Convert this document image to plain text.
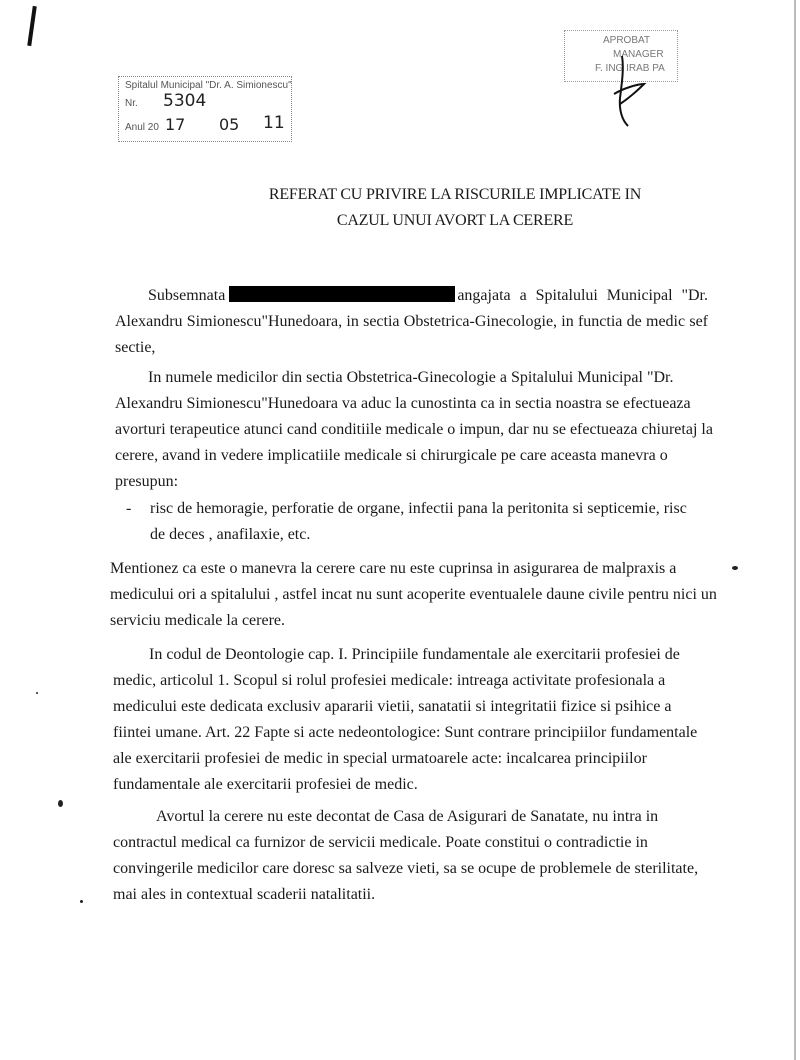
Spitalul Municipal "Dr. A. Simionescu"
Nr. 5304
Anul 20 17 05 11
APROBAT
MANAGER
F. ING IRAB PA
REFERAT CU PRIVIRE LA RISCURILE IMPLICATE IN
CAZUL UNUI AVORT LA CERERE

Subsemnata	angajata a Spitalului Municipal "Dr. Alexandru Simionescu"Hunedoara, in sectia Obstetrica-Ginecologie, in functia de medic sef sectie,

In numele medicilor din sectia Obstetrica-Ginecologie a Spitalului Municipal "Dr. Alexandru Simionescu"Hunedoara va aduc la cunostinta ca in sectia noastra se efectueaza avorturi terapeutice atunci cand conditiile medicale o impun, dar nu se efectueaza chiuretaj la cerere, avand in vedere implicatiile medicale si chirurgicale pe care aceasta manevra o presupun:

- risc de hemoragie, perforatie de organe, infectii pana la peritonita si septicemie, risc de deces , anafilaxie, etc.

Mentionez ca este o manevra la cerere care nu este cuprinsa in asigurarea de malpraxis a medicului ori a spitalului , astfel incat nu sunt acoperite eventualele daune civile pentru nici un serviciu medicale la cerere.

In codul de Deontologie cap. I. Principiile fundamentale ale exercitarii profesiei de medic, articolul 1. Scopul si rolul profesiei medicale: intreaga activitate profesionala a medicului este dedicata exclusiv apararii vietii, sanatatii si integritatii fizice si psihice a fiintei umane. Art. 22 Fapte si acte nedeontologice: Sunt contrare principiilor fundamentale ale exercitarii profesiei de medic in special urmatoarele acte: incalcarea principiilor fundamentale ale exercitarii profesiei de medic.

Avortul la cerere nu este decontat de Casa de Asigurari de Sanatate, nu intra in contractul medical ca furnizor de servicii medicale. Poate constitui o contradictie in convingerile medicilor care doresc sa salveze vieti, sa se ocupe de problemele de sterilitate, mai ales in contextual scaderii natalitatii.
